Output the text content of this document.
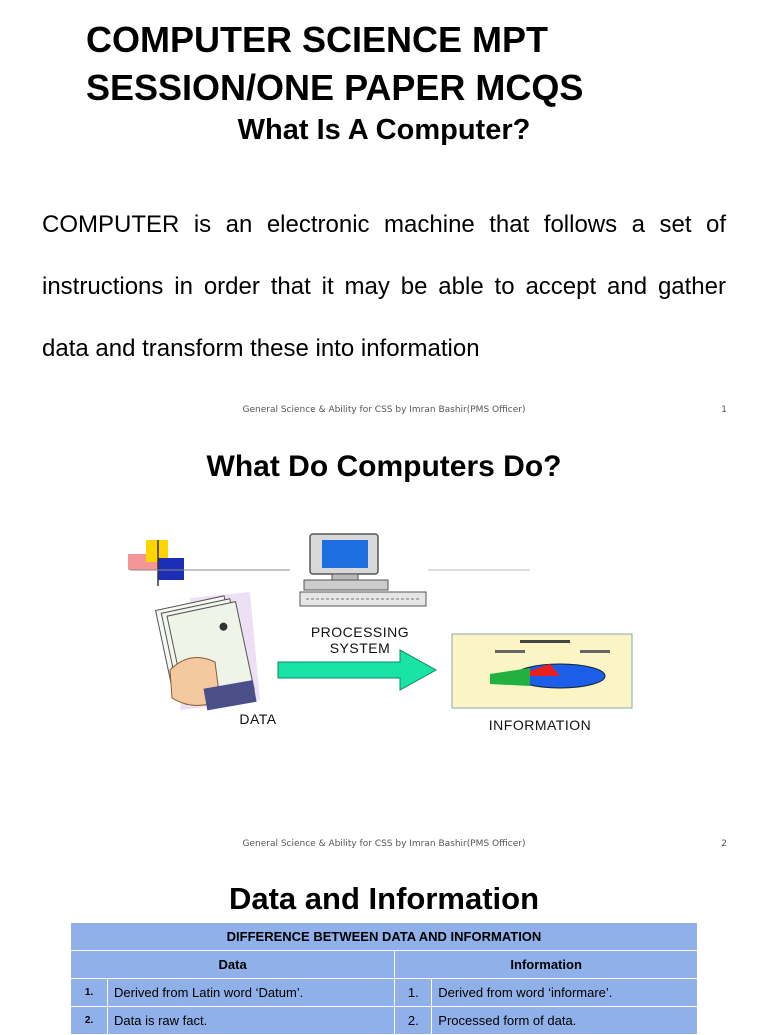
COMPUTER SCIENCE MPT
SESSION/ONE PAPER MCQS
What Is A Computer?
COMPUTER is an electronic machine that follows a set of
instructions in order that it may be able to accept and gather
data and transform these into information
General Science & Ability for CSS by Imran Bashir(PMS Officer)	1
What Do Computers Do?
PROCESSING
SYSTEM
DATA	INFORMATION
General Science & Ability for CSS by Imran Bashir(PMS Officer)	2
Data and Information
DIFFERENCE BETWEEN DATA AND INFORMATION			
Data		Information	
1.	Derived from Latin word ‘Datum’.	1.	Derived from word ‘informare’.
2.	Data is raw fact.	2.	Processed form of data.
